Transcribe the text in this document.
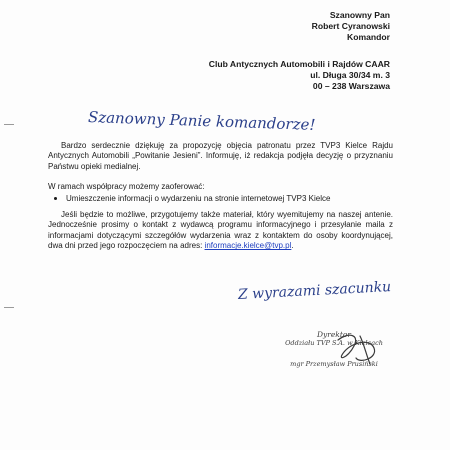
Szanowny Pan
Robert Cyranowski
Komandor
Club Antycznych Automobili i Rajdów CAAR
ul. Długa 30/34 m. 3
00 – 238 Warszawa
Szanowny Panie komandorze!

Bardzo serdecznie dziękuję za propozycję objęcia patronatu przez TVP3 Kielce Rajdu Antycznych Automobili „Powitanie Jesieni”. Informuję, iż redakcja podjęła decyzję o przyznaniu Państwu opieki medialnej.

W ramach współpracy możemy zaoferować:

Umieszczenie informacji o wydarzeniu na stronie internetowej TVP3 Kielce

Jeśli będzie to możliwe, przygotujemy także materiał, który wyemitujemy na naszej antenie. Jednocześnie prosimy o kontakt z wydawcą programu informacyjnego i przesyłanie maila z informacjami dotyczącymi szczegółów wydarzenia wraz z kontaktem do osoby koordynującej, dwa dni przed jego rozpoczęciem na adres: informacje.kielce@tvp.pl.

Z wyrazami szacunku
Dyrektor
Oddziału TVP S.A. w Kielcach
mgr Przemysław Prusiński
